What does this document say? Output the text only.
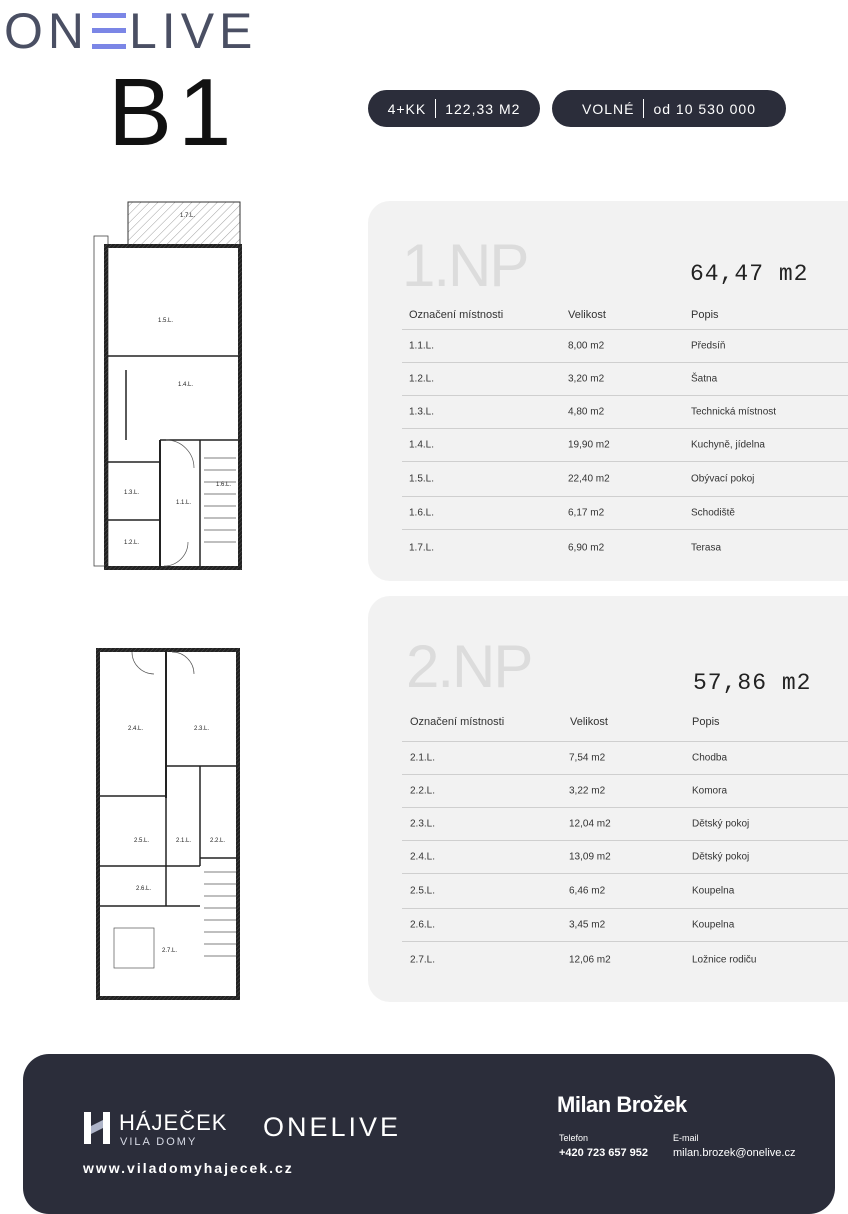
ON LIVE
B1	4+KK 122,33 M2	VOLNÉ od 10 530 000
1.7.L.
1.5.L.
1.4.L.
1.3.L.
1.1.L.
1.6.L.
1.2.L.
2.4.L.	2.3.L.
2.5.L.	2.1.L.	2.2.L.
2.6.L.
2.7.L.
1.NP	64,47 m2
Označení místnosti	Velikost	Popis
1.1.L.	8,00 m2	Předsíň
1.2.L.	3,20 m2	Šatna
1.3.L.	4,80 m2	Technická místnost
1.4.L.	19,90 m2	Kuchyně, jídelna
1.5.L.	22,40 m2	Obývací pokoj
1.6.L.	6,17 m2	Schodiště
1.7.L.	6,90 m2	Terasa
2.NP	57,86 m2
Označení místnosti	Velikost	Popis
2.1.L.	7,54 m2	Chodba
2.2.L.	3,22 m2	Komora
2.3.L.	12,04 m2	Dětský pokoj
2.4.L.	13,09 m2	Dětský pokoj
2.5.L.	6,46 m2	Koupelna
2.6.L.	3,45 m2	Koupelna
2.7.L.	12,06 m2	Ložnice rodiču
HÁJEČEK
VILA DOMY ONELIVE
www.viladomyhajecek.cz
Milan Brožek
Telefon
+420 723 657 952
E-mail
milan.brozek@onelive.cz
